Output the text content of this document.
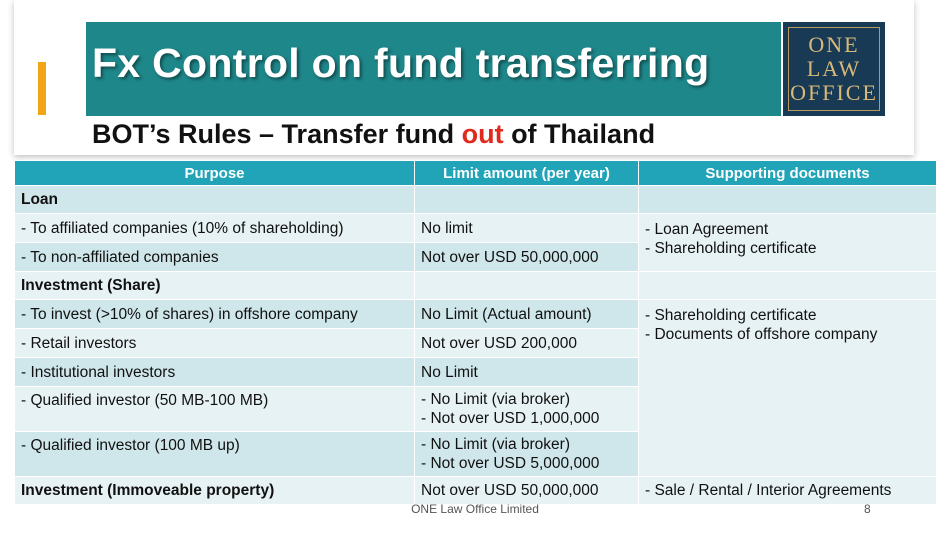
Fx Control on fund transferring	ONE
LAW
OFFICE
BOT’s Rules – Transfer fund out of Thailand
Purpose	Limit amount (per year)	Supporting documents
Loan		
- To affiliated companies (10% of shareholding)	No limit	- Loan Agreement
- Shareholding certificate

- To non-affiliated companies	Not over USD 50,000,000	
Investment (Share)		
- To invest (>10% of shares) in offshore company	No Limit (Actual amount)	- Shareholding certificate
- Documents of offshore company

- Retail investors	Not over USD 200,000	
- Institutional investors	No Limit	
- Qualified investor (50 MB-100 MB)	- No Limit (via broker)
- Not over USD 1,000,000	

- Qualified investor (100 MB up)	- No Limit (via broker)
- Not over USD 5,000,000	

Investment (Immoveable property)	Not over USD 50,000,000	- Sale / Rental / Interior Agreements
ONE Law Office Limited	8
